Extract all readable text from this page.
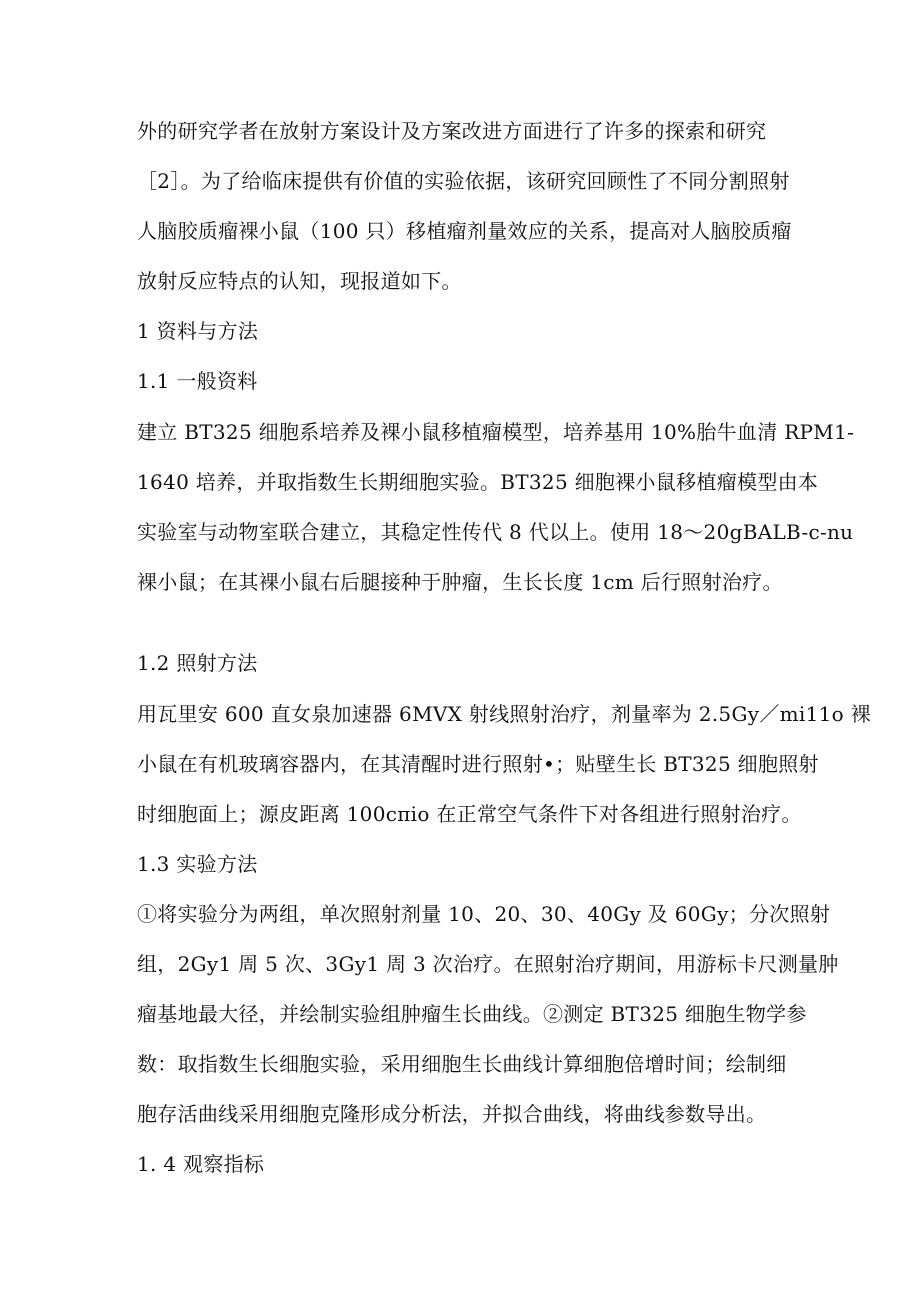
外的研究学者在放射方案设计及方案改进方面进行了许多的探索和研究
［2］。为了给临床提供有价值的实验依据，该研究回顾性了不同分割照射
人脑胶质瘤裸小鼠（100 只）移植瘤剂量效应的关系，提高对人脑胶质瘤
放射反应特点的认知，现报道如下。
1 资料与方法
1.1 一般资料
建立 BT325 细胞系培养及裸小鼠移植瘤模型，培养基用 10%胎牛血清 RPM1-
1640 培养，并取指数生长期细胞实验。BT325 细胞裸小鼠移植瘤模型由本
实验室与动物室联合建立，其稳定性传代 8 代以上。使用 18～20gBALB-c-nu
裸小鼠；在其裸小鼠右后腿接种于肿瘤，生长长度 1cm 后行照射治疗。
1.2 照射方法
用瓦里安 600 直女泉加速器 6MVX 射线照射治疗，剂量率为 2.5Gy／mi11o 裸
小鼠在有机玻璃容器内，在其清醒时进行照射•；贴壁生长 BT325 细胞照射
时细胞面上；源皮距离 100cπio 在正常空气条件下对各组进行照射治疗。
1.3 实验方法
①将实验分为两组，单次照射剂量 10、20、30、40Gy 及 60Gy；分次照射
组，2Gy1 周 5 次、3Gy1 周 3 次治疗。在照射治疗期间，用游标卡尺测量肿
瘤基地最大径，并绘制实验组肿瘤生长曲线。②测定 BT325 细胞生物学参
数：取指数生长细胞实验，采用细胞生长曲线计算细胞倍增时间；绘制细
胞存活曲线采用细胞克隆形成分析法，并拟合曲线，将曲线参数导出。
1. 4 观察指标
